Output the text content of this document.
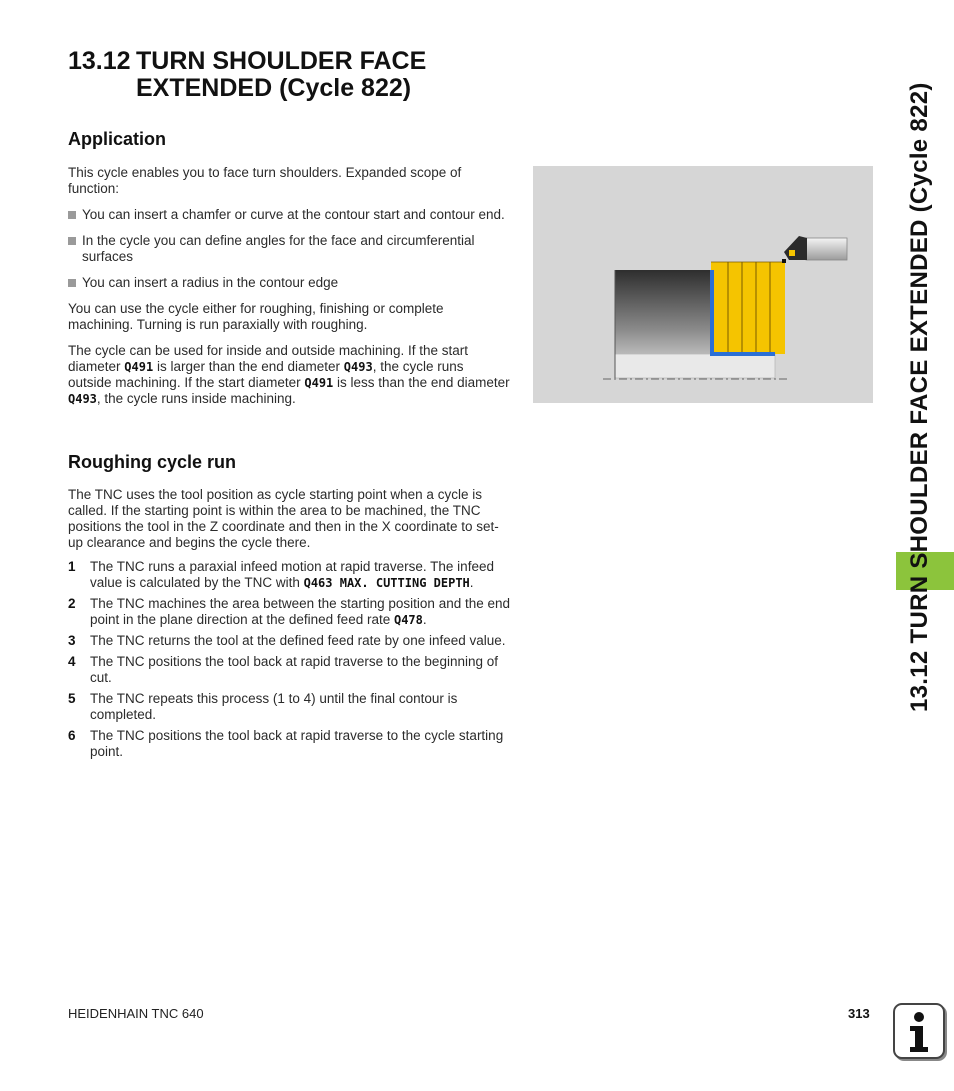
13.12 TURN SHOULDER FACE
EXTENDED (Cycle 822)
Application

This cycle enables you to face turn shoulders. Expanded scope of function:

You can insert a chamfer or curve at the contour start and contour end.
In the cycle you can define angles for the face and circumferential surfaces
You can insert a radius in the contour edge

You can use the cycle either for roughing, finishing or complete machining. Turning is run paraxially with roughing.

The cycle can be used for inside and outside machining. If the start diameter Q491 is larger than the end diameter Q493, the cycle runs outside machining. If the start diameter Q491 is less than the end diameter Q493, the cycle runs inside machining.

Roughing cycle run

The TNC uses the tool position as cycle starting point when a cycle is called. If the starting point is within the area to be machined, the TNC positions the tool in the Z coordinate and then in the X coordinate to set-up clearance and begins the cycle there.

1 The TNC runs a paraxial infeed motion at rapid traverse. The infeed value is calculated by the TNC with Q463 MAX. CUTTING DEPTH.
2 The TNC machines the area between the starting position and the end point in the plane direction at the defined feed rate Q478.
3 The TNC returns the tool at the defined feed rate by one infeed value.
4 The TNC positions the tool back at rapid traverse to the beginning of cut.
5 The TNC repeats this process (1 to 4) until the final contour is completed.
6 The TNC positions the tool back at rapid traverse to the cycle starting point.
13.12 TURN SHOULDER FACE EXTENDED (Cycle 822)
HEIDENHAIN TNC 640	313
